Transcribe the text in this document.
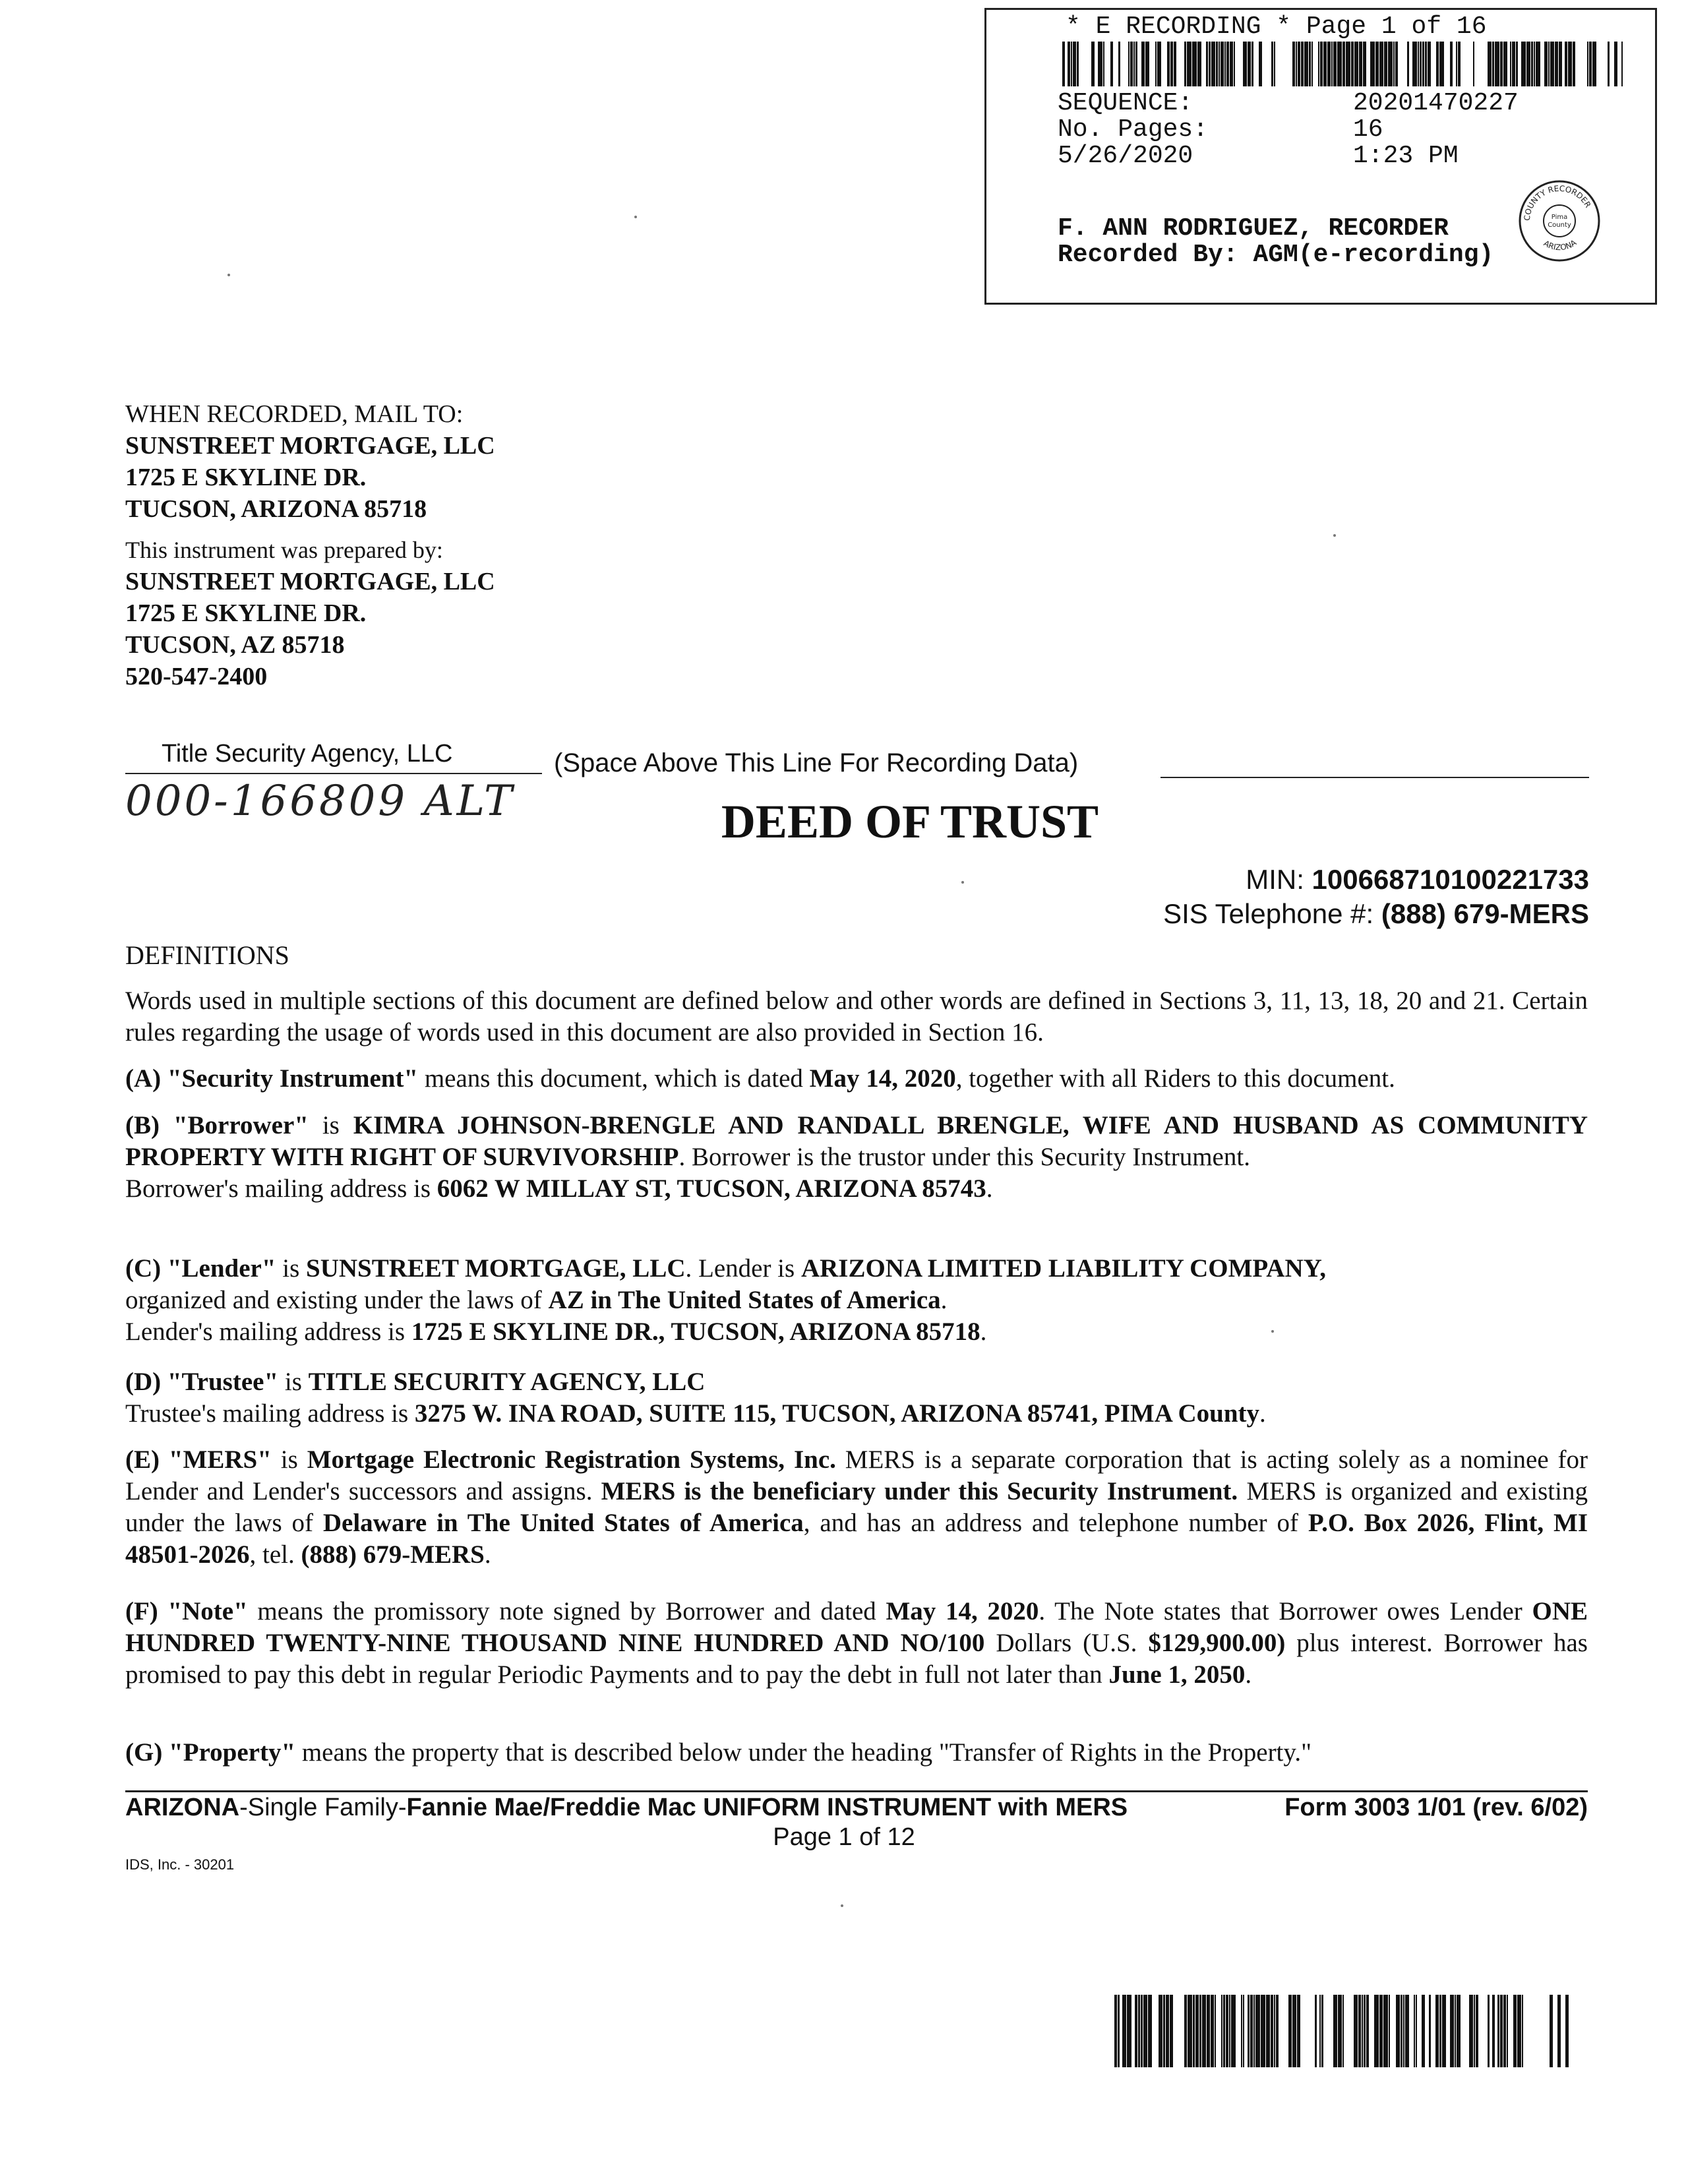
* E RECORDING * Page 1 of 16
SEQUENCE:	20201470227
No. Pages:	16
5/26/2020	1:23 PM
F. ANN RODRIGUEZ, RECORDER
Recorded By: AGM(e-recording)
COUNTY RECORDER
Pima
County
ARIZONA
WHEN RECORDED, MAIL TO:
SUNSTREET MORTGAGE, LLC
1725 E SKYLINE DR.
TUCSON, ARIZONA 85718
This instrument was prepared by:
SUNSTREET MORTGAGE, LLC
1725 E SKYLINE DR.
TUCSON, AZ 85718
520-547-2400
Title Security Agency, LLC	(Space Above This Line For Recording Data)
000-166809 ALT	DEED OF TRUST
MIN: 100668710100221733
SIS Telephone #: (888) 679-MERS
DEFINITIONS
Words used in multiple sections of this document are defined below and other words are defined in Sections 3, 11, 13, 18, 20 and 21. Certain rules regarding the usage of words used in this document are also provided in Section 16.
(A) "Security Instrument" means this document, which is dated May 14, 2020, together with all Riders to this document.
(B) "Borrower" is KIMRA JOHNSON-BRENGLE AND RANDALL BRENGLE, WIFE AND HUSBAND AS COMMUNITY PROPERTY WITH RIGHT OF SURVIVORSHIP. Borrower is the trustor under this Security Instrument.
Borrower's mailing address is 6062 W MILLAY ST, TUCSON, ARIZONA 85743.
(C) "Lender" is SUNSTREET MORTGAGE, LLC. Lender is ARIZONA LIMITED LIABILITY COMPANY,
organized and existing under the laws of AZ in The United States of America.
Lender's mailing address is 1725 E SKYLINE DR., TUCSON, ARIZONA 85718.
(D) "Trustee" is TITLE SECURITY AGENCY, LLC
Trustee's mailing address is 3275 W. INA ROAD, SUITE 115, TUCSON, ARIZONA 85741, PIMA County.
(E) "MERS" is Mortgage Electronic Registration Systems, Inc. MERS is a separate corporation that is acting solely as a nominee for Lender and Lender's successors and assigns. MERS is the beneficiary under this Security Instrument. MERS is organized and existing under the laws of Delaware in The United States of America, and has an address and telephone number of P.O. Box 2026, Flint, MI 48501-2026, tel. (888) 679-MERS.
(F) "Note" means the promissory note signed by Borrower and dated May 14, 2020. The Note states that Borrower owes Lender ONE HUNDRED TWENTY-NINE THOUSAND NINE HUNDRED AND NO/100 Dollars (U.S. $129,900.00) plus interest. Borrower has promised to pay this debt in regular Periodic Payments and to pay the debt in full not later than June 1, 2050.
(G) "Property" means the property that is described below under the heading "Transfer of Rights in the Property."
ARIZONA-Single Family-Fannie Mae/Freddie Mac UNIFORM INSTRUMENT with MERS	Form 3003 1/01 (rev. 6/02)
Page 1 of 12
IDS, Inc. - 30201
